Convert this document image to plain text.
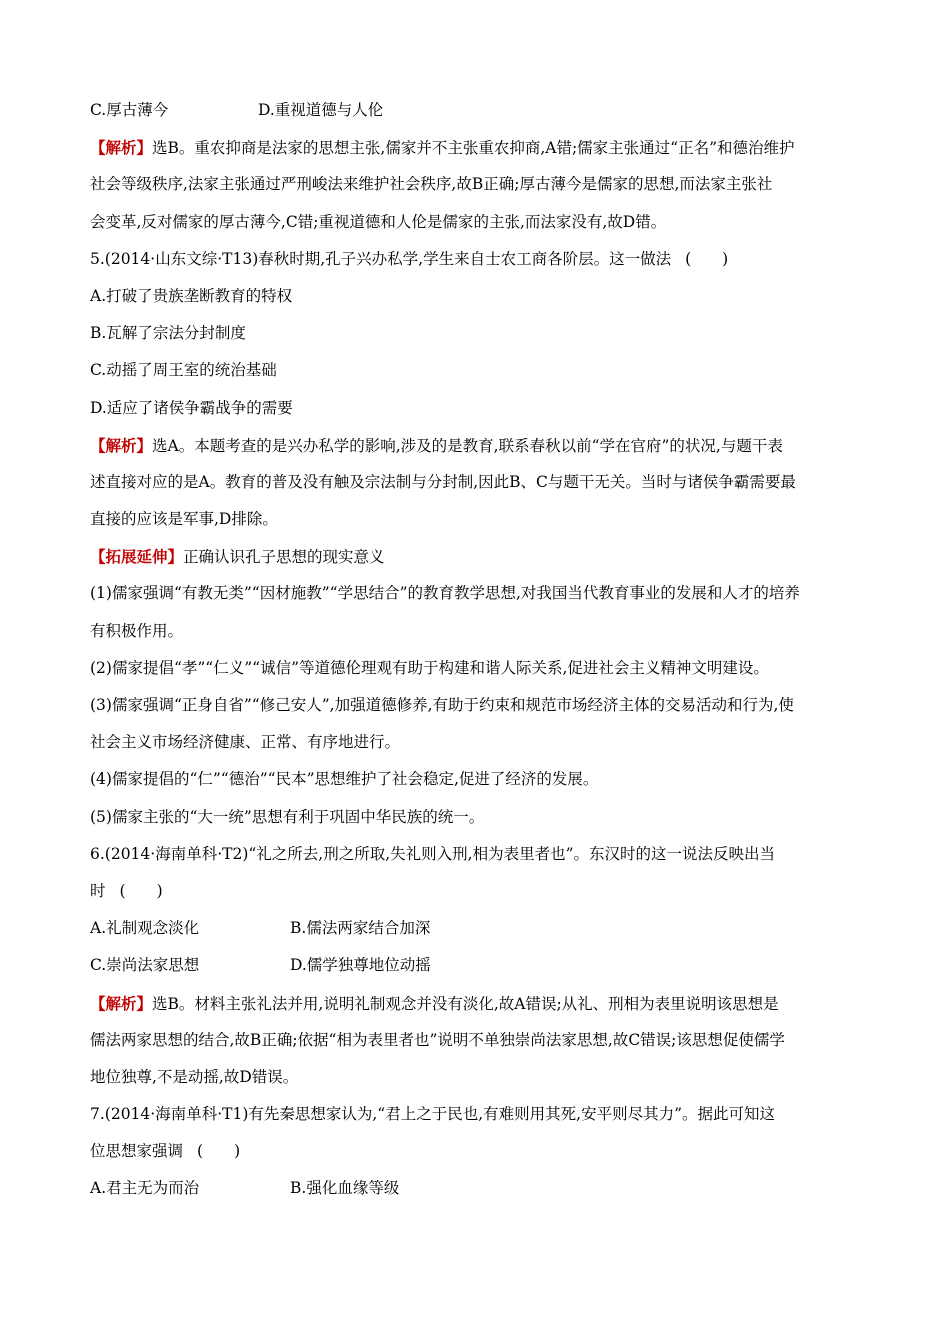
C.厚古薄今	D.重视道德与人伦
【解析】选B。重农抑商是法家的思想主张,儒家并不主张重农抑商,A错;儒家主张通过“正名”和德治维护
社会等级秩序,法家主张通过严刑峻法来维护社会秩序,故B正确;厚古薄今是儒家的思想,而法家主张社
会变革,反对儒家的厚古薄今,C错;重视道德和人伦是儒家的主张,而法家没有,故D错。
5.(2014·山东文综·T13)春秋时期,孔子兴办私学,学生来自士农工商各阶层。这一做法 (　　)
A.打破了贵族垄断教育的特权
B.瓦解了宗法分封制度
C.动摇了周王室的统治基础
D.适应了诸侯争霸战争的需要
【解析】选A。本题考查的是兴办私学的影响,涉及的是教育,联系春秋以前“学在官府”的状况,与题干表
述直接对应的是A。教育的普及没有触及宗法制与分封制,因此B、C与题干无关。当时与诸侯争霸需要最
直接的应该是军事,D排除。
【拓展延伸】正确认识孔子思想的现实意义
(1)儒家强调“有教无类”“因材施教”“学思结合”的教育教学思想,对我国当代教育事业的发展和人才的培养
有积极作用。
(2)儒家提倡“孝”“仁义”“诚信”等道德伦理观有助于构建和谐人际关系,促进社会主义精神文明建设。
(3)儒家强调“正身自省”“修己安人”,加强道德修养,有助于约束和规范市场经济主体的交易活动和行为,使
社会主义市场经济健康、正常、有序地进行。
(4)儒家提倡的“仁”“德治”“民本”思想维护了社会稳定,促进了经济的发展。
(5)儒家主张的“大一统”思想有利于巩固中华民族的统一。
6.(2014·海南单科·T2)“礼之所去,刑之所取,失礼则入刑,相为表里者也”。东汉时的这一说法反映出当
时 (　　)
A.礼制观念淡化	B.儒法两家结合加深
C.崇尚法家思想	D.儒学独尊地位动摇
【解析】选B。材料主张礼法并用,说明礼制观念并没有淡化,故A错误;从礼、刑相为表里说明该思想是
儒法两家思想的结合,故B正确;依据“相为表里者也”说明不单独崇尚法家思想,故C错误;该思想促使儒学
地位独尊,不是动摇,故D错误。
7.(2014·海南单科·T1)有先秦思想家认为,“君上之于民也,有难则用其死,安平则尽其力”。据此可知这
位思想家强调 (　　)
A.君主无为而治	B.强化血缘等级
